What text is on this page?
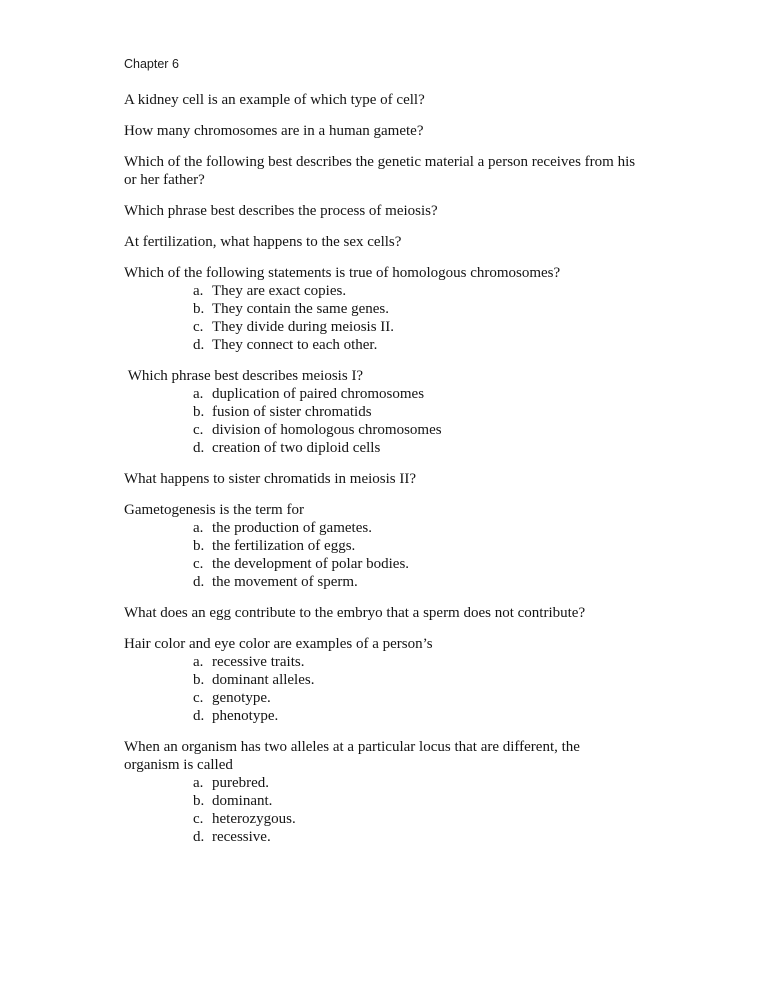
Chapter 6

A kidney cell is an example of which type of cell?

How many chromosomes are in a human gamete?

Which of the following best describes the genetic material a person receives from his or her father?

Which phrase best describes the process of meiosis?

At fertilization, what happens to the sex cells?

Which of the following statements is true of homologous chromosomes?

a. They are exact copies.
b. They contain the same genes.
c. They divide during meiosis II.
d. They connect to each other.

Which phrase best describes meiosis I?

a. duplication of paired chromosomes
b. fusion of sister chromatids
c. division of homologous chromosomes
d. creation of two diploid cells

What happens to sister chromatids in meiosis II?

Gametogenesis is the term for

a. the production of gametes.
b. the fertilization of eggs.
c. the development of polar bodies.
d. the movement of sperm.

What does an egg contribute to the embryo that a sperm does not contribute?

Hair color and eye color are examples of a person’s

a. recessive traits.
b. dominant alleles.
c. genotype.
d. phenotype.

When an organism has two alleles at a particular locus that are different, the organism is called

a. purebred.
b. dominant.
c. heterozygous.
d. recessive.
